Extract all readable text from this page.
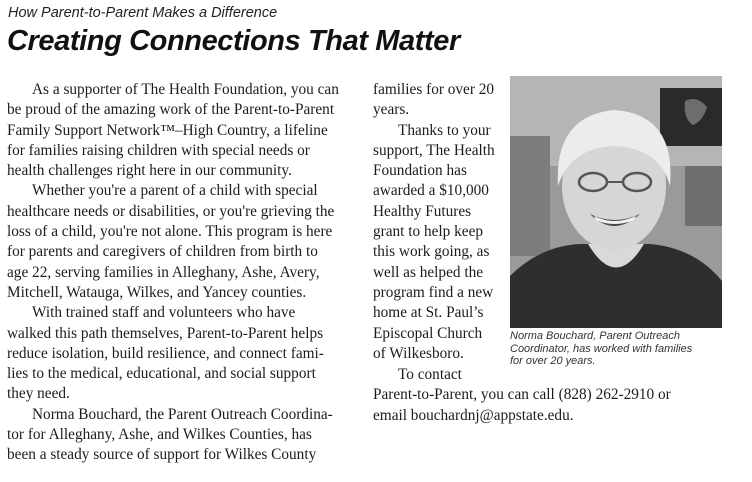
How Parent-to-Parent Makes a Difference
Creating Connections That Matter
As a supporter of The Health Foundation, you can
be proud of the amazing work of the Parent-to-Parent
Family Support Network™–High Country, a lifeline
for families raising children with special needs or
health challenges right here in our community.
Whether you're a parent of a child with special
healthcare needs or disabilities, or you're grieving the
loss of a child, you're not alone. This program is here
for parents and caregivers of children from birth to
age 22, serving families in Alleghany, Ashe, Avery,
Mitchell, Watauga, Wilkes, and Yancey counties.
With trained staff and volunteers who have
walked this path themselves, Parent-to-Parent helps
reduce isolation, build resilience, and connect fami-
lies to the medical, educational, and social support
they need.
Norma Bouchard, the Parent Outreach Coordina-
tor for Alleghany, Ashe, and Wilkes Counties, has
been a steady source of support for Wilkes County
families for over 20
years.
Thanks to your
support, The Health
Foundation has
awarded a $10,000
Healthy Futures
grant to help keep
this work going, as
well as helped the
program find a new
home at St. Paul’s
Episcopal Church
of Wilkesboro.
To contact
Parent-to-Parent, you can call (828) 262-2910 or
email bouchardnj@appstate.edu.
Norma Bouchard, Parent Outreach
Coordinator, has worked with families
for over 20 years.
